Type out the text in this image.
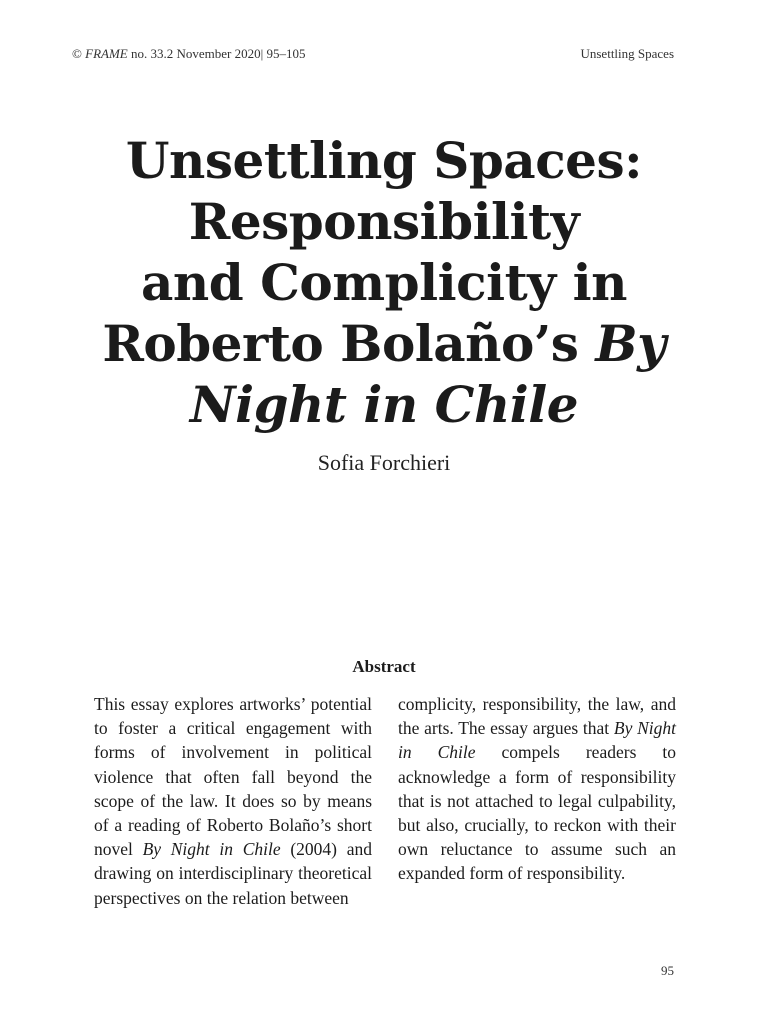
© FRAME no. 33.2 November 2020| 95–105	Unsettling Spaces
Unsettling Spaces:
Responsibility
and Complicity in
Roberto Bolaño’s By
Night in Chile
Sofia Forchieri
Abstract
This essay explores artworks’ potential to foster a critical engagement with forms of involvement in political violence that often fall beyond the scope of the law. It does so by means of a reading of Roberto Bolaño’s short novel By Night in Chile (2004) and drawing on interdisciplinary theoretical perspectives on the relation between
complicity, responsibility, the law, and the arts. The essay argues that By Night in Chile compels readers to acknowledge a form of responsibility that is not attached to legal culpability, but also, crucially, to reckon with their own reluctance to assume such an expanded form of responsibility.
95
